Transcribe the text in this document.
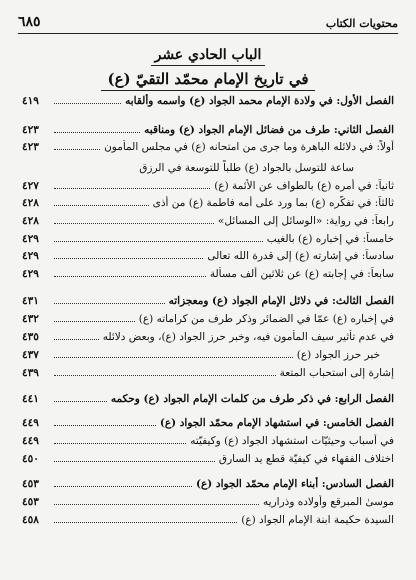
٦٨٥	محتويات الكتاب
الباب الحادي عشر

في تاريخ الإمام محمّد التقيّ (ع)
الفصل الأول: في ولادة الإمام محمد الجواد (ع) واسمه وألقابه
٤١٩
الفصل الثاني: طرف من فضائل الإمام الجواد (ع) ومناقبه
٤٢٣
أولاً: في دلائله الباهرة وما جرى من امتحانه (ع) في مجلس المأمون
٤٢٣
ساعة للتوسل بالجواد (ع) طلباً للتوسعة في الرزق
ثانياً: في أمره (ع) بالطواف عن الأئمة (ع)
٤٢٧
ثالثاً: في تفكّره (ع) بما ورد على أمه فاطمة (ع) من أذى
٤٢٨
رابعاً: في رواية: «الوسائل إلى المسائل»
٤٢٨
خامساً: في إخباره (ع) بالغيب
٤٢٩
سادساً: في إشارته (ع) إلى قدرة الله تعالى
٤٢٩
سابعاً: في إجابته (ع) عن ثلاثين ألف مسألة
٤٢٩
الفصل الثالث: في دلائل الإمام الجواد (ع) ومعجزاته
٤٣١
في إخباره (ع) عمّا في الضمائر وذكر طرف من كراماته (ع)
٤٣٢
في عدم تأثير سيف المأمون فيه، وخبر حرز الجواد (ع)، وبعض دلائله
٤٣٥
خبر حرز الجواد (ع)
٤٣٧
إشارة إلى استحباب المتعة
٤٣٩
الفصل الرابع: في ذكر طرف من كلمات الإمام الجواد (ع) وحكمه
٤٤١
الفصل الخامس: في استشهاد الإمام محمّد الجواد (ع)
٤٤٩
في أسباب وحيثيّات استشهاد الجواد (ع) وكيفيّته
٤٤٩
اختلاف الفقهاء في كيفيّة قطع يد السارق
٤٥٠
الفصل السادس: أبناء الإمام محمّد الجواد (ع)
٤٥٣
موسىٰ المبرقع وأولاده وذراريه
٤٥٣
السيدة حكيمة ابنة الإمام الجواد (ع)
٤٥٨
